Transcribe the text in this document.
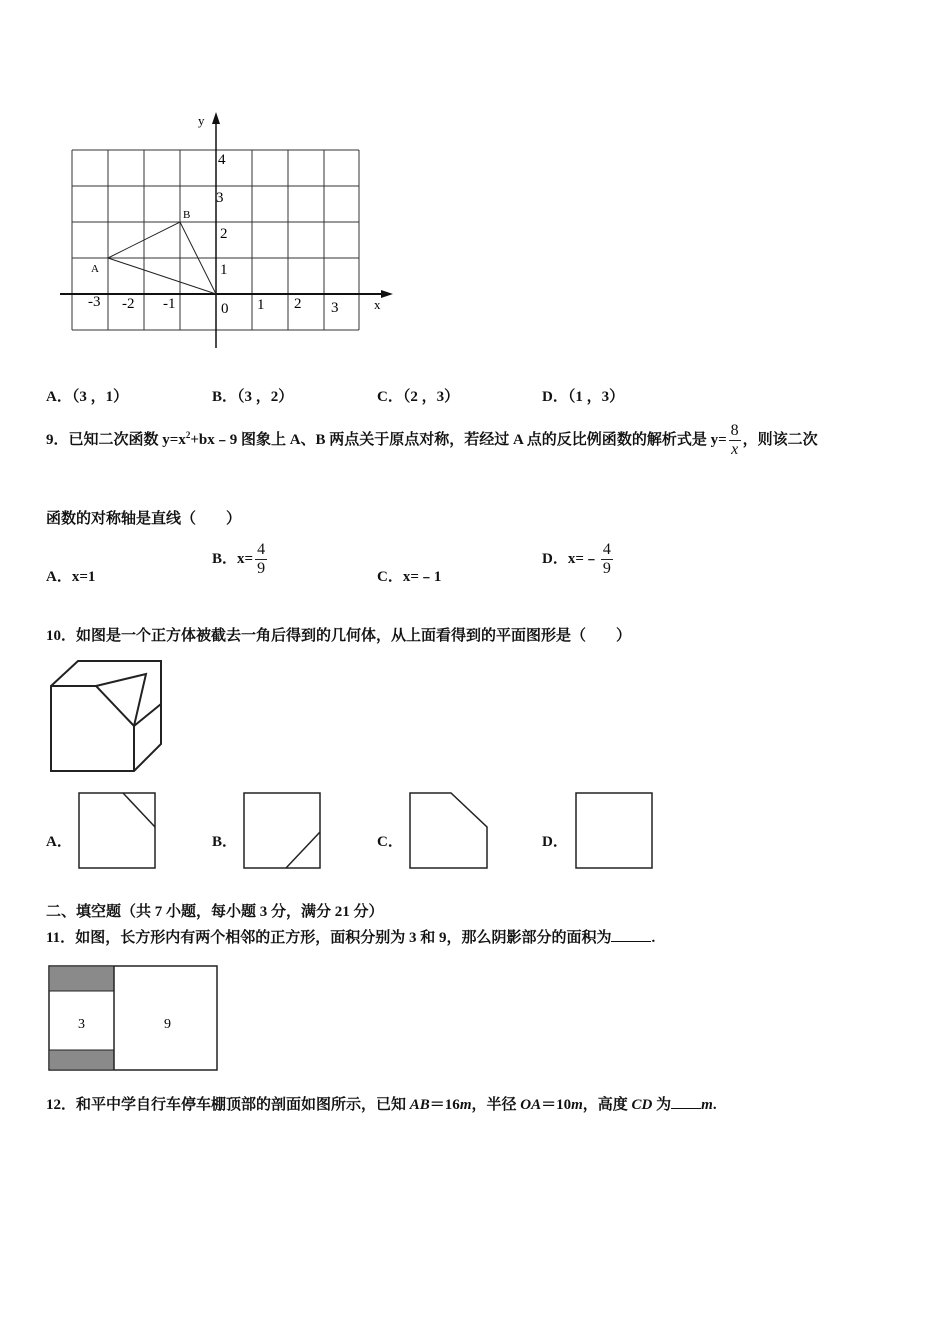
y
x
B
A
4
3
2
1
-3 -2 -1	0 1 2 3
A．（3 ，1）	B．（3 ，2）	C．（2 ，3）	D．（1 ，3）
9．已知二次函数 $y=x^2+bx﹣9$ 图象上 A、B 两点关于原点对称，若经过 A 点的反比例函数的解析式是 $y= \frac{8}{x}$ ，则该二次
函数的对称轴是直线（　　）
A．x=1
B．$x= \frac{4}{9}$	C．x=﹣1
D．x=﹣ $\frac{4}{9}$
10．如图是一个正方体被截去一角后得到的几何体，从上面看得到的平面图形是（　　）
A．	B．	C．	D．
二、填空题（共 7 小题，每小题 3 分，满分 21 分）
11．如图，长方形内有两个相邻的正方形，面积分别为 3 和 9，那么阴影部分的面积为	.
3	9
12．和平中学自行车停车棚顶部的剖面如图所示，已知 AB＝16m，半径 OA＝10m，高度 CD 为 m.
